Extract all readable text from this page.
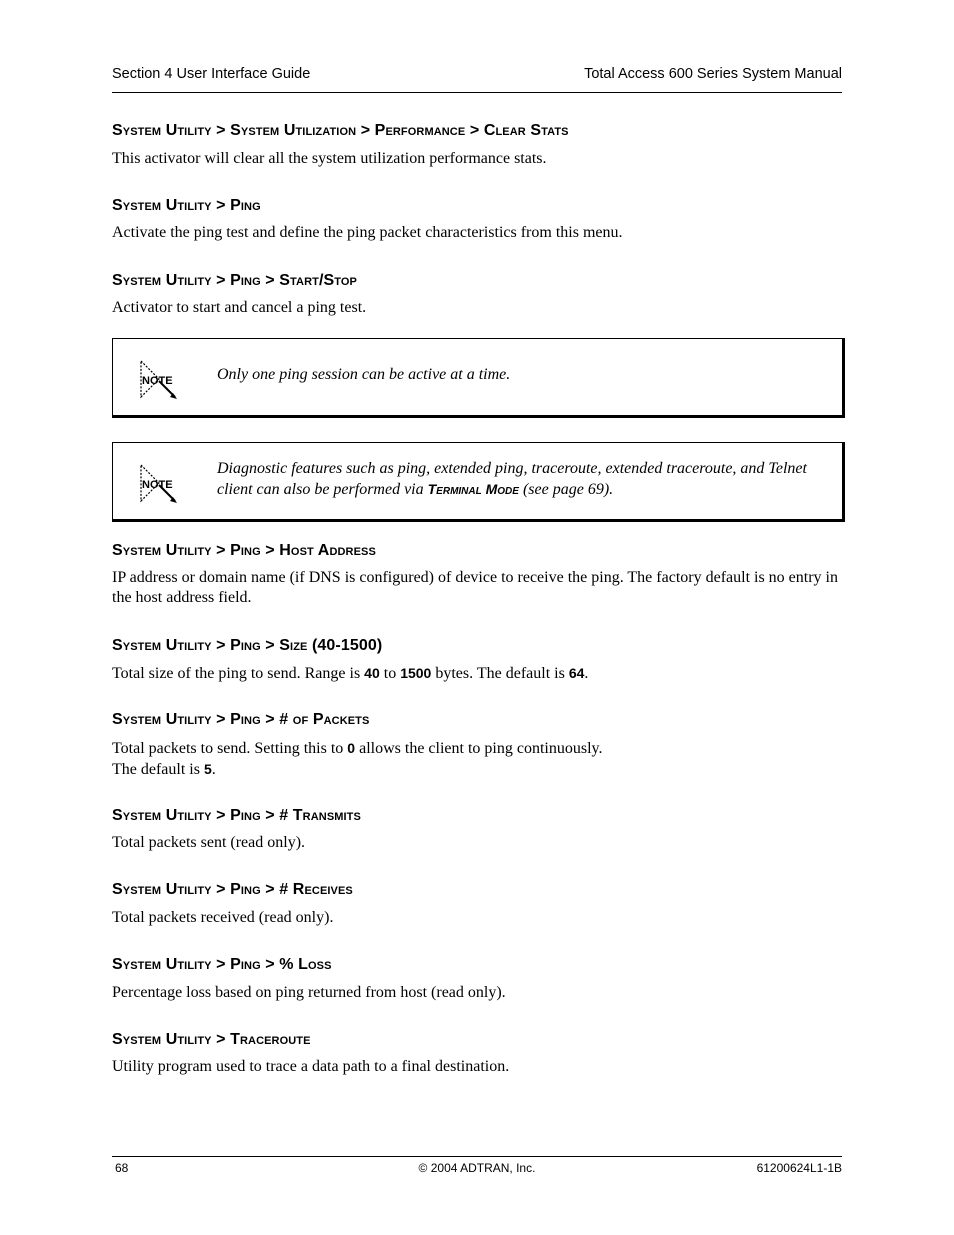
Section 4 User Interface Guide	Total Access 600 Series System Manual
System Utility > System Utilization > Performance > Clear Stats

This activator will clear all the system utilization performance stats.

System Utility > Ping

Activate the ping test and define the ping packet characteristics from this menu.

System Utility > Ping > Start/Stop

Activator to start and cancel a ping test.

NOTE	Only one ping session can be active at a time.
NOTE
Diagnostic features such as ping, extended ping, traceroute, extended traceroute, and Telnet client can also be performed via Terminal Mode (see page 69).
System Utility > Ping > Host Address

IP address or domain name (if DNS is configured) of device to receive the ping. The factory default is no entry in the host address field.

System Utility > Ping > Size (40-1500)

Total size of the ping to send. Range is 40 to 1500 bytes. The default is 64.

System Utility > Ping > # of Packets

Total packets to send. Setting this to 0 allows the client to ping continuously.
The default is 5.

System Utility > Ping > # Transmits

Total packets sent (read only).

System Utility > Ping > # Receives

Total packets received (read only).

System Utility > Ping > % Loss

Percentage loss based on ping returned from host (read only).

System Utility > Traceroute

Utility program used to trace a data path to a final destination.

68	© 2004 ADTRAN, Inc.	61200624L1-1B
